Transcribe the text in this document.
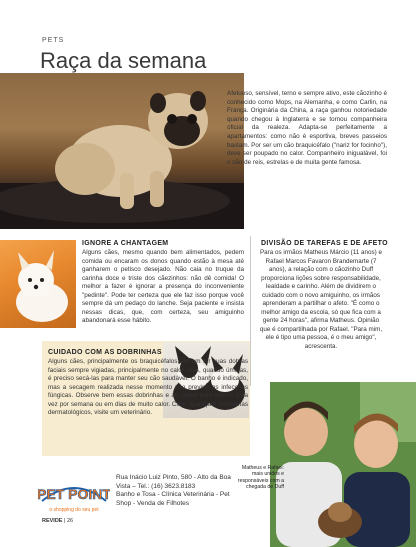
PETS
Raça da semana
Afetuoso, sensível, terno e sempre ativo, este cãozinho é conhecido como Mops, na Alemanha, e como Carlin, na França. Originária da China, a raça ganhou notoriedade quando chegou à Inglaterra e se tornou companheira oficial da realeza. Adapta-se perfeitamente a apartamentos: como não é esportiva, breves passeios bastam. Por ser um cão braquicéfalo ("nariz for focinho"), deve ser poupado no calor. Companheiro inigualável, foi o cão de reis, estrelas e de muita gente famosa.
IGNORE A CHANTAGEM
Alguns cães, mesmo quando bem alimentados, pedem comida ou encaram os donos quando estão à mesa até ganharem o petisco desejado. Não caia no truque da carinha doce e triste dos cãezinhos: não dê comida! O melhor a fazer é ignorar a presença do inconveniente "pedinte". Pode ter certeza que ele faz isso porque você sempre dá um pedaço do lanche. Seja paciente e insista nessas dicas, que, com certeza, seu amiguinho abandonará esse hábito.
DIVISÃO DE TAREFAS E DE AFETO
Para os irmãos Matheus Márcio (11 anos) e Rafael Marcos Favaron Brandemarte (7 anos), a relação com o cãozinho Duff proporciona lições sobre responsabilidade, lealdade e carinho. Além de dividirem o cuidado com o novo amiguinho, os irmãos aprenderam a partilhar o afeto. "É como o melhor amigo da escola, só que fica com a gente 24 horas", afirma Matheus. Opinião que é compartilhada por Rafael. "Para mim, ele é tipo uma pessoa, é o meu amigo", acrescenta.
CUIDADO COM AS DOBRINHAS
Alguns cães, principalmente os braquicéfalos, devem ter suas dobras faciais sempre vigiadas, principalmente no calor, pois, quando úmidas, é preciso secá-las para manter seu cão saudável. O banho é indicado, mas a secagem realizada nesse momento não previne as infecções fúngicas. Observe bem essas dobrinhas e as seque pelo menos uma vez por semana ou em dias de muito calor. Caso apareçam problemas dermatológicos, visite um veterinário.
Matheus e Rafael: mais unidos e responsáveis com a chegada de Duff
PET POINT
o shopping do seu pet
Rua Inácio Luiz Pinto, 580 - Alto da Boa Vista – Tel.: (16) 3623.8183
Banho e Tosa - Clínica Veterinária - Pet Shop - Venda de Filhotes
REVIDE | 26
